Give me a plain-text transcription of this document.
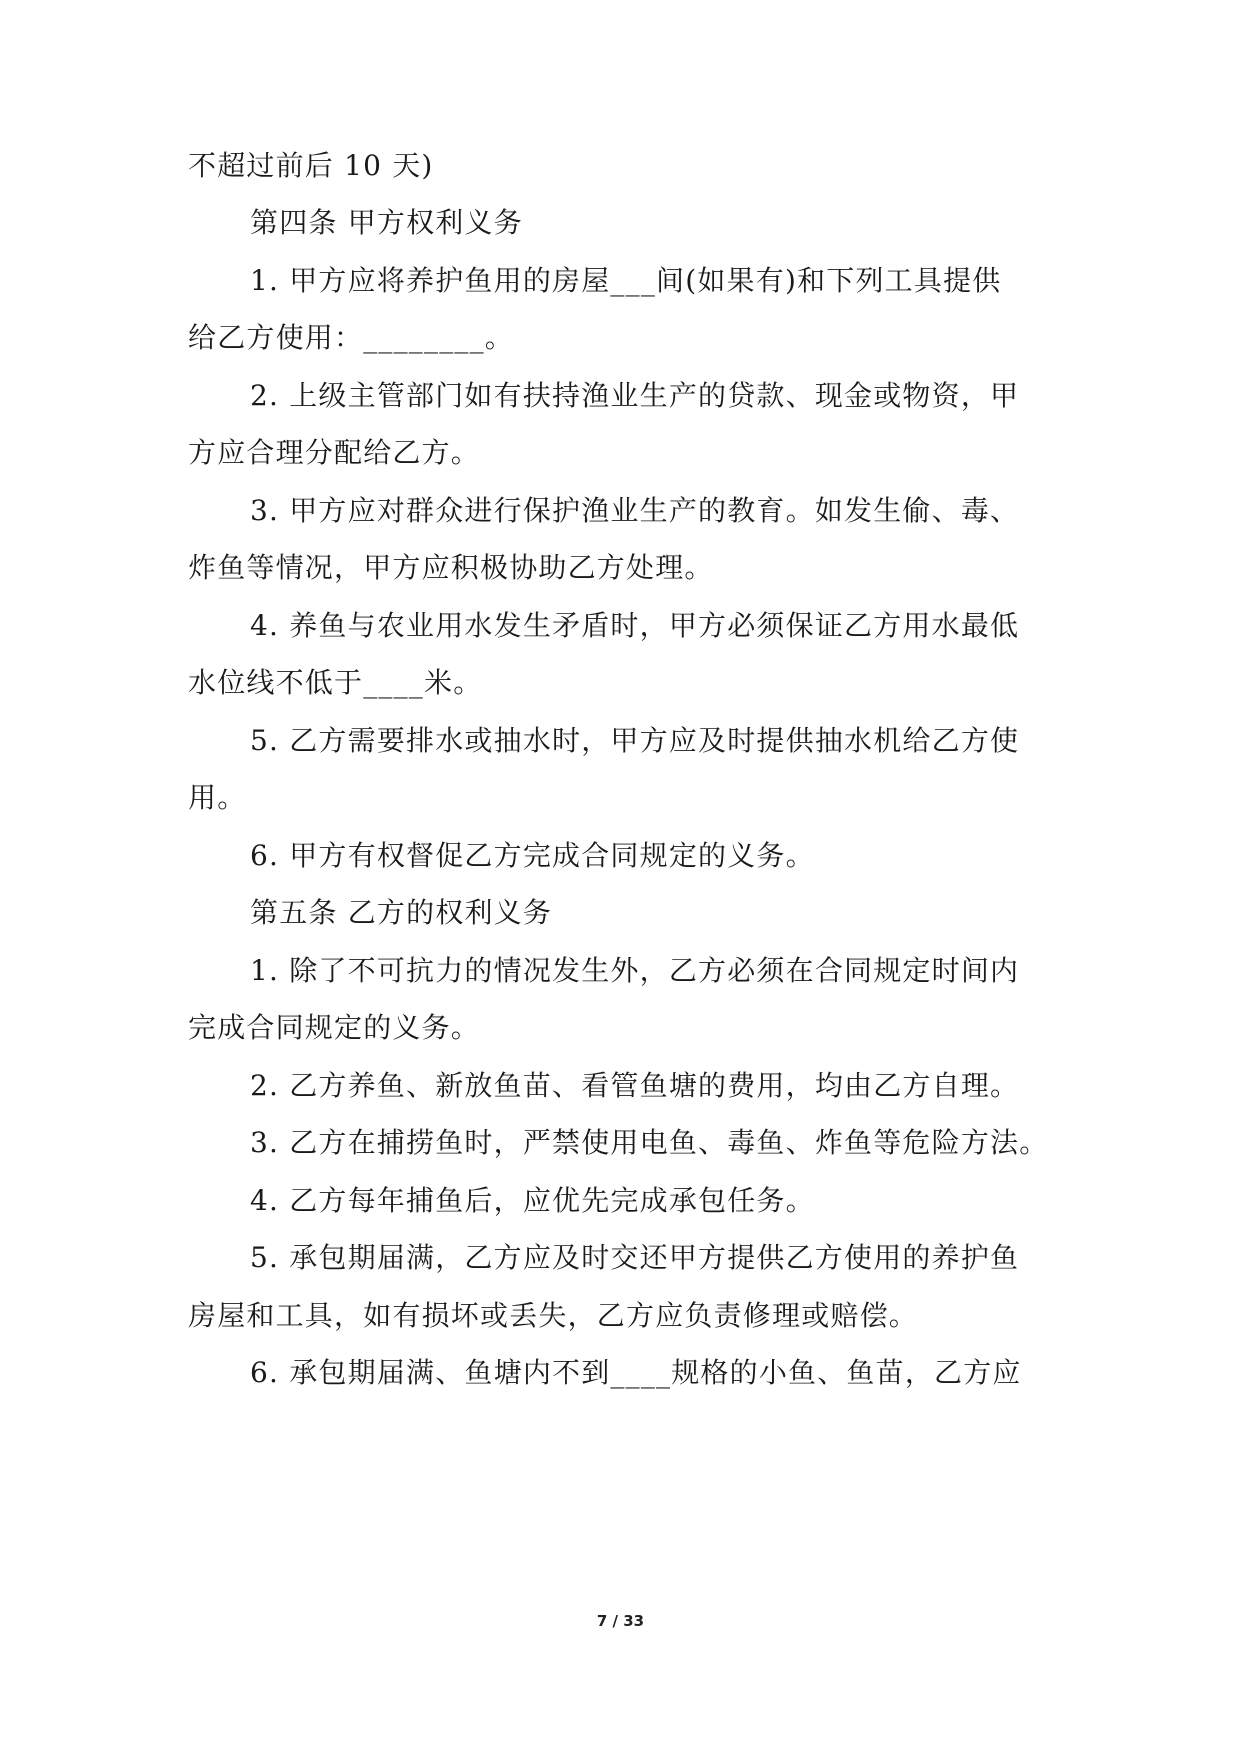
不超过前后 10 天)
第四条 甲方权利义务
1. 甲方应将养护鱼用的房屋___间(如果有)和下列工具提供
给乙方使用：________。
2. 上级主管部门如有扶持渔业生产的贷款、现金或物资，甲
方应合理分配给乙方。
3. 甲方应对群众进行保护渔业生产的教育。如发生偷、毒、
炸鱼等情况，甲方应积极协助乙方处理。
4. 养鱼与农业用水发生矛盾时，甲方必须保证乙方用水最低
水位线不低于____米。
5. 乙方需要排水或抽水时，甲方应及时提供抽水机给乙方使
用。
6. 甲方有权督促乙方完成合同规定的义务。
第五条 乙方的权利义务
1. 除了不可抗力的情况发生外，乙方必须在合同规定时间内
完成合同规定的义务。
2. 乙方养鱼、新放鱼苗、看管鱼塘的费用，均由乙方自理。
3. 乙方在捕捞鱼时，严禁使用电鱼、毒鱼、炸鱼等危险方法。
4. 乙方每年捕鱼后，应优先完成承包任务。
5. 承包期届满，乙方应及时交还甲方提供乙方使用的养护鱼
房屋和工具，如有损坏或丢失，乙方应负责修理或赔偿。
6. 承包期届满、鱼塘内不到____规格的小鱼、鱼苗，乙方应
7 / 33
